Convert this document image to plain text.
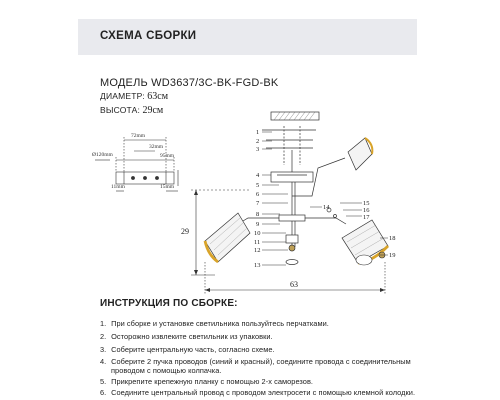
СХЕМА СБОРКИ
МОДЕЛЬ WD3637/3C-BK-FGD-BK
ДИАМЕТР: 63см
ВЫСОТА: 29см
Ø120mm
72mm
32mm
95mm
11mm	15mm
29
63
1
2
3
4
5
6
7
8
9
10
11
12
13
14
15
16
17
18
19
ИНСТРУКЦИЯ ПО СБОРКЕ:
1. При сборке и установке светильника пользуйтесь перчатками.
2. Осторожно извлеките светильник из упаковки.
3. Соберите центральную часть, согласно схеме.
4. Соберите 2 пучка проводов (синий и красный), соедините провода с соединительным
проводом с помощью колпачка.
5. Прикрепите крепежную планку с помощью 2-х саморезов.
6. Соедините центральный провод с проводом электросети с помощью клемной колодки.
